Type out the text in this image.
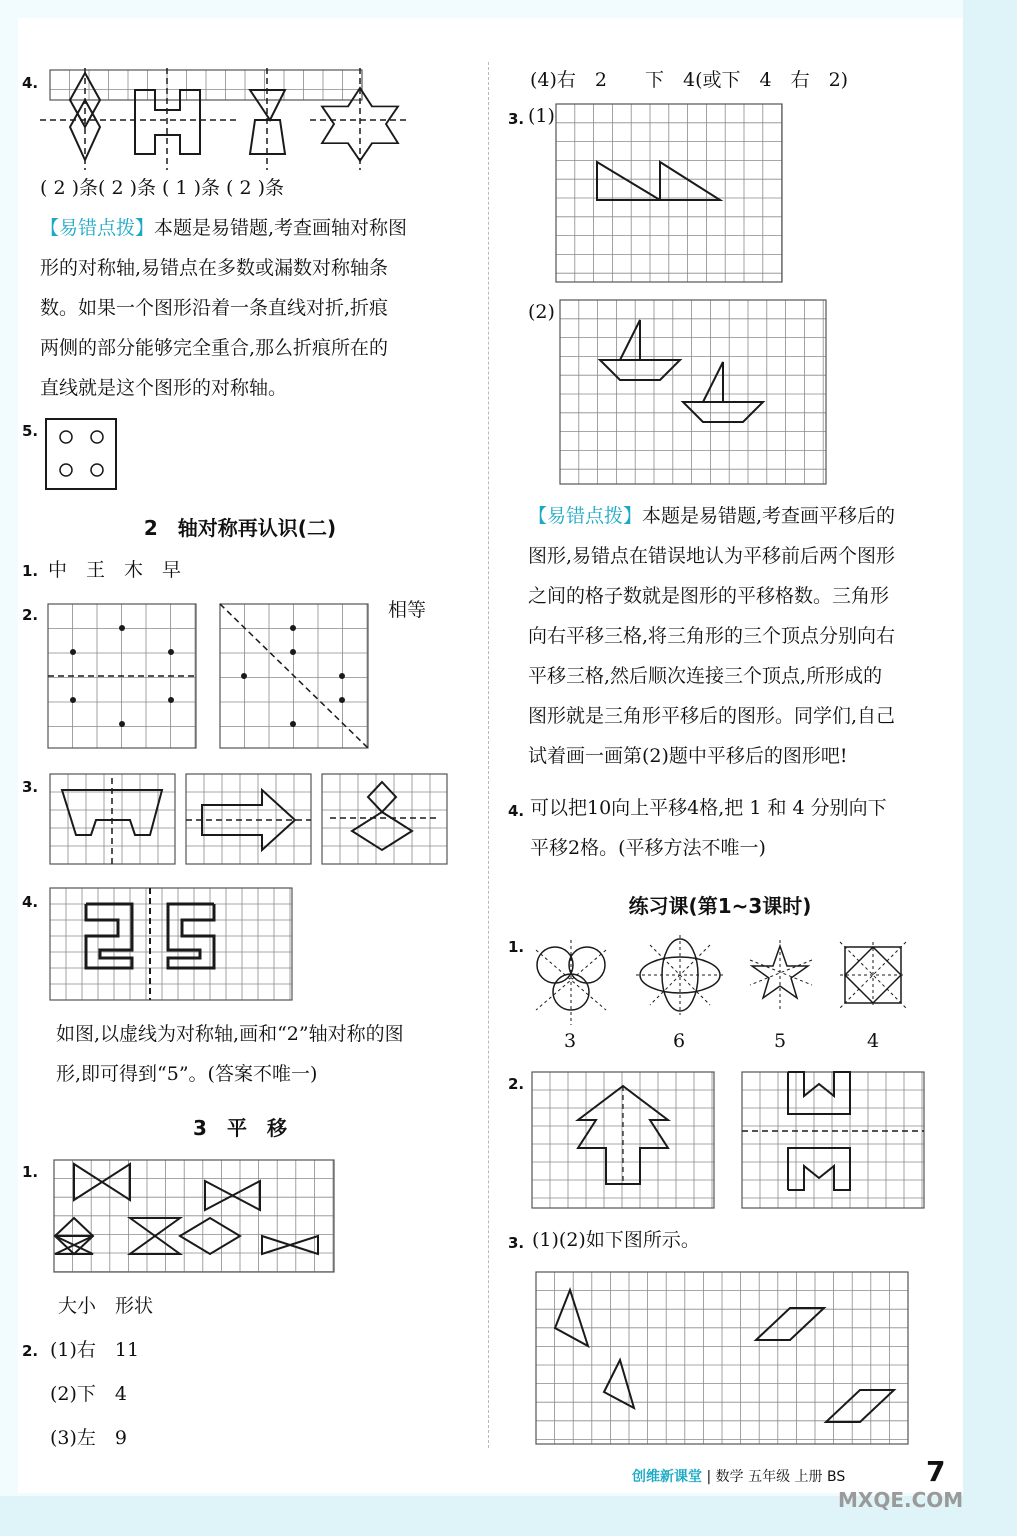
4.
( 2 )条( 2 )条 ( 1 )条 ( 2 )条
【易错点拨】本题是易错题,考查画轴对称图
形的对称轴,易错点在多数或漏数对称轴条
数。如果一个图形沿着一条直线对折,折痕
两侧的部分能够完全重合,那么折痕所在的
直线就是这个图形的对称轴。
5.
2　轴对称再认识(二)
1. 中　王　木　早
2.	相等
3.
4.
如图,以虚线为对称轴,画和“2”轴对称的图
形,即可得到“5”。(答案不唯一)
3　平　移
1.
大小　形状
2. (1)右　11
(2)下　4
(3)左　9
(4)右　2　　下　4(或下　4　右　2)
3. (1)
(2)
【易错点拨】本题是易错题,考查画平移后的
图形,易错点在错误地认为平移前后两个图形
之间的格子数就是图形的平移格数。三角形
向右平移三格,将三角形的三个顶点分别向右
平移三格,然后顺次连接三个顶点,所形成的
图形就是三角形平移后的图形。同学们,自己
试着画一画第(2)题中平移后的图形吧!
4. 可以把10向上平移4格,把 1 和 4 分别向下
平移2格。(平移方法不唯一)
练习课(第1~3课时)
1.
3	6	5	4
2.
3. (1)(2)如下图所示。
创维新课堂 | 数学 五年级 上册 BS	7
MXQE.COM
